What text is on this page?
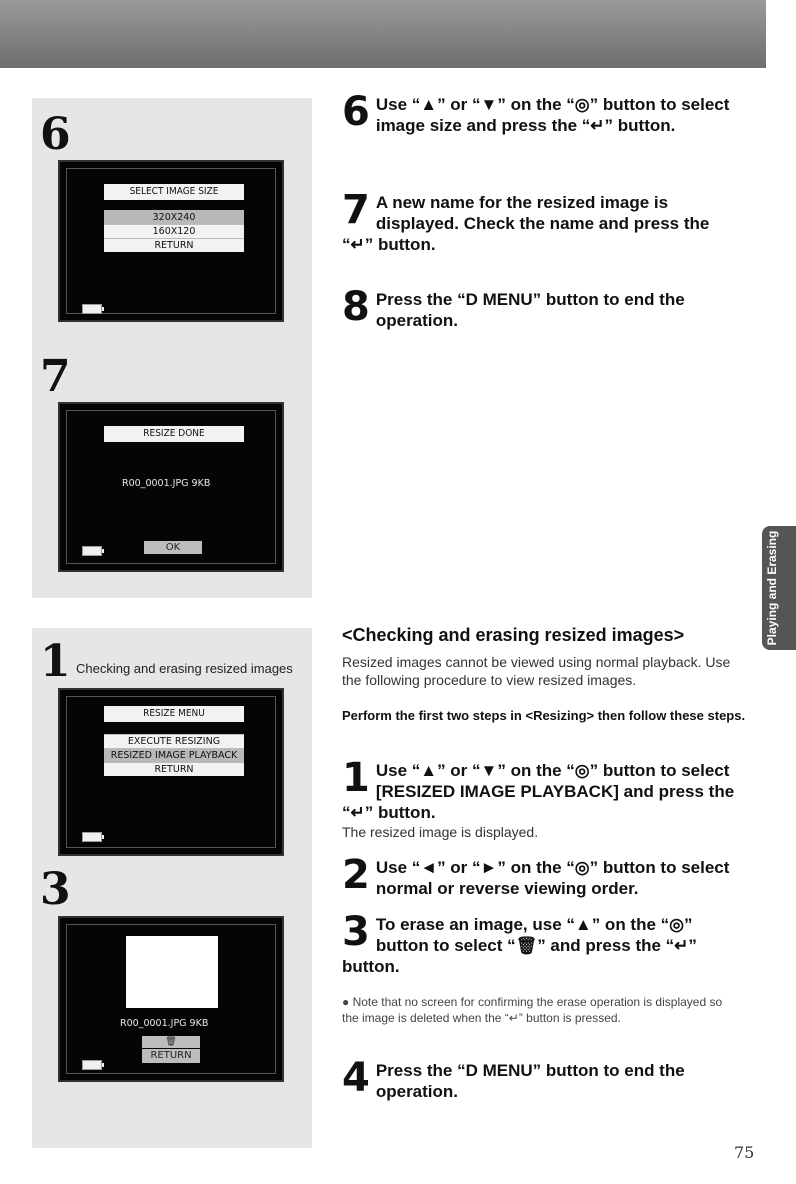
6
SELECT IMAGE SIZE
320X240
160X120
RETURN
7
RESIZE DONE
R00_0001.JPG 9KB
OK
1 Checking and erasing resized images
RESIZE MENU
EXECUTE RESIZING
RESIZED IMAGE PLAYBACK
RETURN
3
R00_0001.JPG 9KB
🗑
RETURN
6 Use “▲” or “▼” on the “◎” button to select image size and press the “↵” button.
7 A new name for the resized image is displayed. Check the name and press the “↵” button.
8 Press the “D MENU” button to end the operation.
<Checking and erasing resized images>
Resized images cannot be viewed using normal playback. Use the following procedure to view resized images.
Perform the first two steps in <Resizing> then follow these steps.
1 Use “▲” or “▼” on the “◎” button to select [RESIZED IMAGE PLAYBACK] and press the “↵” button.
The resized image is displayed.
2 Use “◄” or “►” on the “◎” button to select normal or reverse viewing order.
3 To erase an image, use “▲” on the “◎” button to select “🗑” and press the “↵” button.
● Note that no screen for confirming the erase operation is displayed so the image is deleted when the “↵” button is pressed.
4 Press the “D MENU” button to end the operation.
Playing and Erasing
75
